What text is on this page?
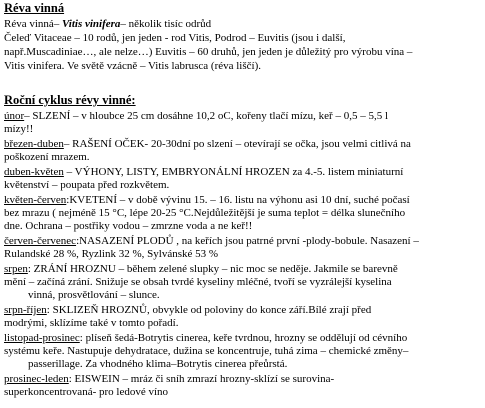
Réva vinná
Réva vinná– Vitis vinifera– několik tisíc odrůd
Čeleď Vitaceae – 10 rodů, jen jeden - rod Vitis, Podrod – Euvitis (jsou i další,
např.Muscadiniae…, ale nelze…) Euvitis – 60 druhů, jen jeden je důležitý pro výrobu vína –
Vitis vinifera. Ve světě vzácně – Vitis labrusca (réva liščí).
Roční cyklus révy vinné:
únor– SLZENÍ – v hloubce 25 cm dosáhne 10,2 oC, kořeny tlačí mízu, keř – 0,5 – 5,5 l
mízy!!
březen-duben– RAŠENÍ OČEK- 20-30dní po slzení – otevírají se očka, jsou velmi citlivá na
poškození mrazem.
duben-květen – VÝHONY, LISTY, EMBRYONÁLNÍ HROZEN za 4.-5. listem miniaturní
květenství – poupata před rozkvětem.
květen-červen:KVETENÍ – v době vývinu 15. – 16. listu na výhonu asi 10 dní, suché počasí
bez mrazu ( nejméně 15 °C, lépe 20-25 °C.Nejdůležitější je suma teplot = délka slunečního
dne. Ochrana – postřiky vodou – zmrzne voda a ne keř!!
červen-červenec:NASAZENÍ PLODŮ , na keřích jsou patrné první -plody-bobule. Nasazení –
Rulandské 28 %, Ryzlink 32 %, Sylvánské 53 %
srpen: ZRÁNÍ HROZNU – během zelené slupky – nic moc se neděje. Jakmile se barevně
mění – začíná zrání. Snižuje se obsah tvrdé kyseliny mléčné, tvoří se vyzrálejší kyselina
vinná, prosvětlování – slunce.
srpn-říjen: SKLIZEŇ HROZNŮ, obvykle od poloviny do konce září.Bílé zrají před
modrými, sklízíme také v tomto pořadí.
listopad-prosinec: plíseň šedá-Botrytis cinerea, keře tvrdnou, hrozny se oddělují od cévního
systému keře. Nastupuje dehydratace, dužina se koncentruje, tuhá zima – chemické změny–
passerillage. Za vhodného klima–Botrytis cinerea přeůrstá.
prosinec-leden: EISWEIN – mráz či sníh zmrazí hrozny-sklízí se surovina-
superkoncentrovaná- pro ledové víno
